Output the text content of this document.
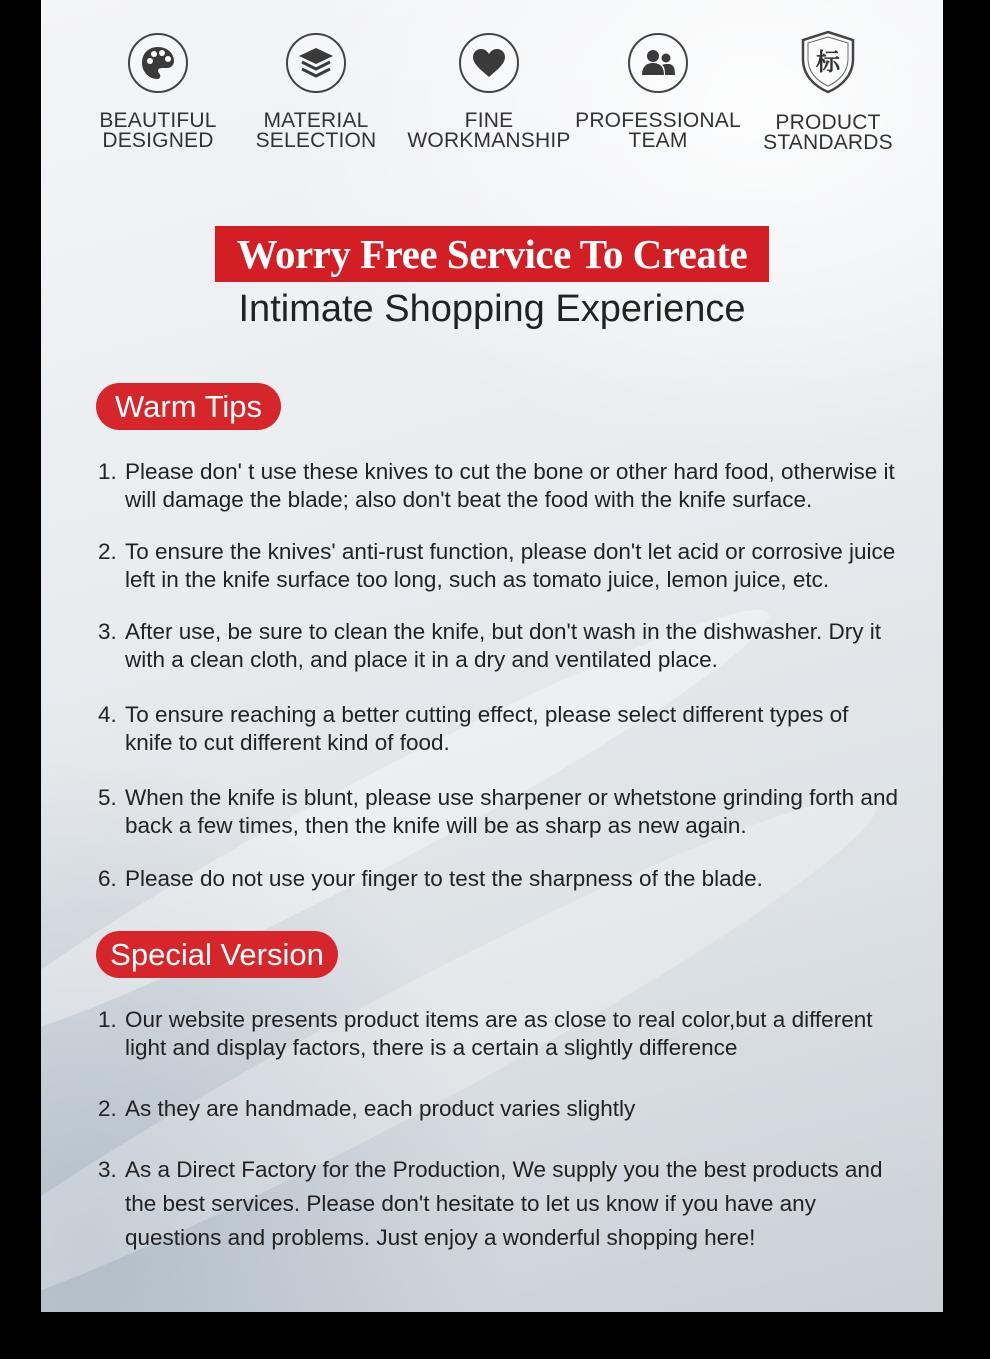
BEAUTIFUL
DESIGNED
MATERIAL
SELECTION
FINE
WORKMANSHIP
PROFESSIONAL
TEAM
标
PRODUCT
STANDARDS
Worry Free Service To Create
Intimate Shopping Experience
Warm Tips
1. Please don' t use these knives to cut the bone or other hard food, otherwise it will damage the blade; also don't beat the food with the knife surface.
2. To ensure the knives' anti-rust function, please don't let acid or corrosive juice left in the knife surface too long, such as tomato juice, lemon juice, etc.
3. After use, be sure to clean the knife, but don't wash in the dishwasher. Dry it with a clean cloth, and place it in a dry and ventilated place.
4. To ensure reaching a better cutting effect, please select different types of knife to cut different kind of food.
5. When the knife is blunt, please use sharpener or whetstone grinding forth and back a few times, then the knife will be as sharp as new again.
6. Please do not use your finger to test the sharpness of the blade.
Special Version
1. Our website presents product items are as close to real color,but a different light and display factors, there is a certain a slightly difference
2. As they are handmade, each product varies slightly
3. As a Direct Factory for the Production, We supply you the best products and the best services. Please don't hesitate to let us know if you have any questions and problems. Just enjoy a wonderful shopping here!
